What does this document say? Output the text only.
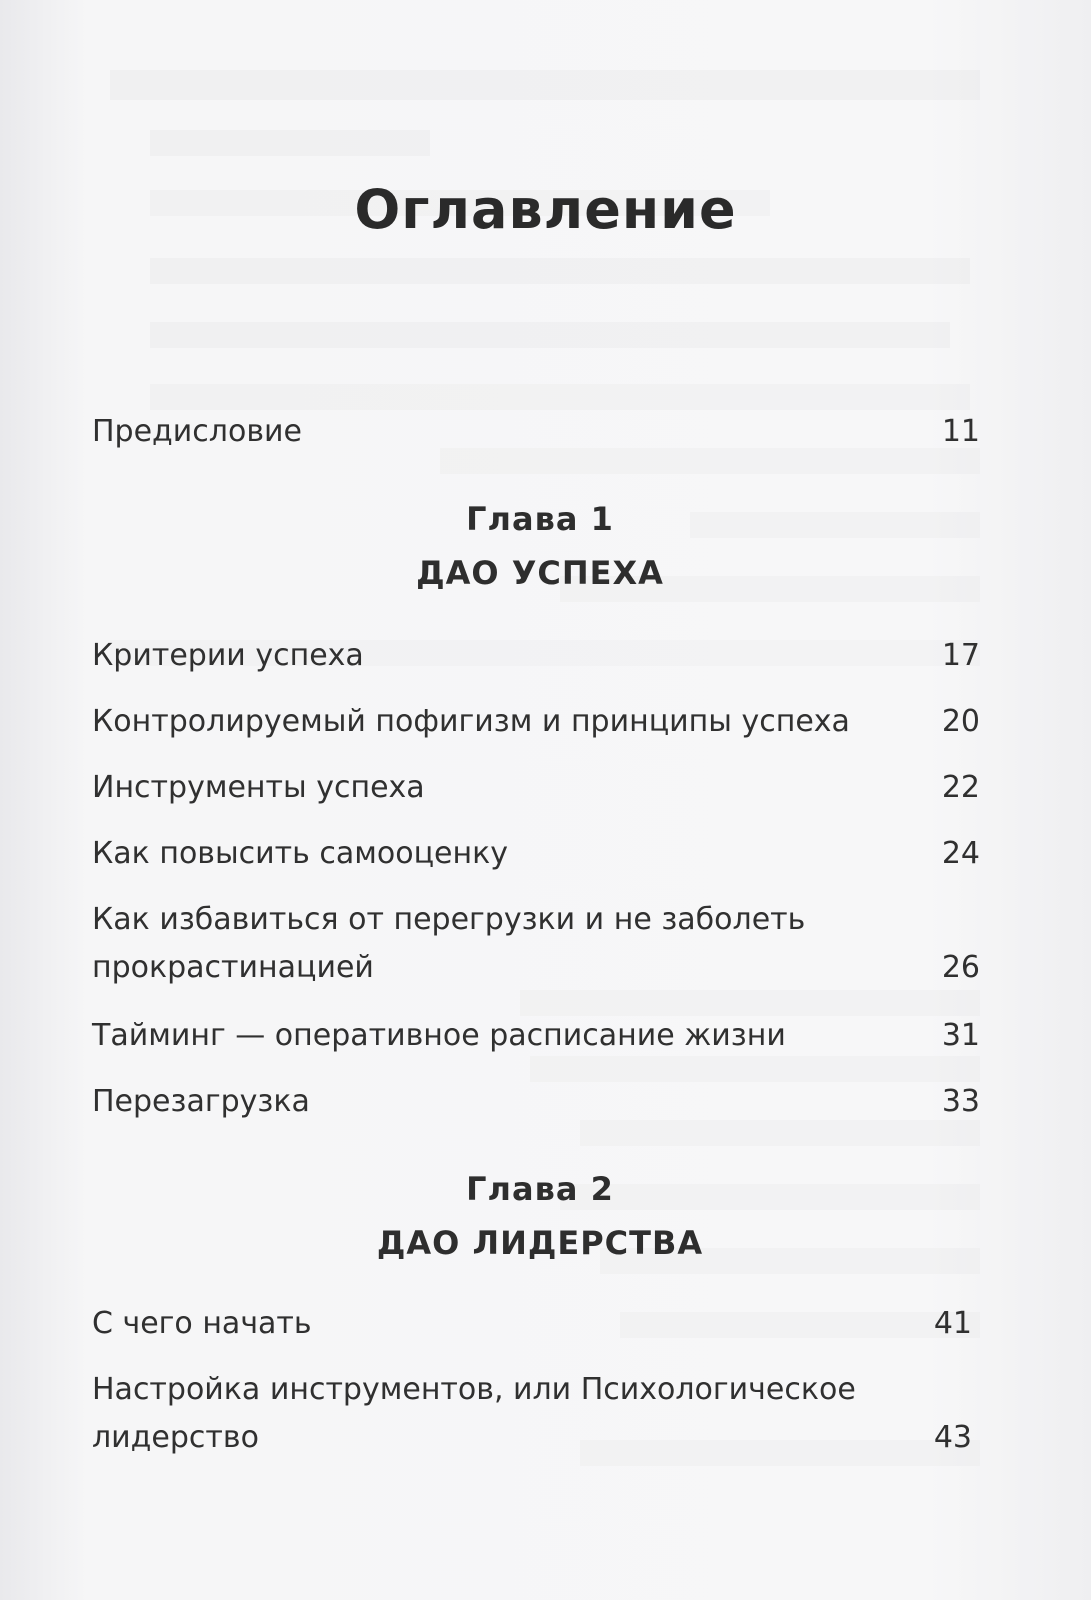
Оглавление
Предисловие	11
Глава 1
ДАО УСПЕХА
Критерии успеха	17
Контролируемый пофигизм и принципы успеха	20
Инструменты успеха	22
Как повысить самооценку	24
Как избавиться от перегрузки и не заболеть прокрастинацией	26
Тайминг — оперативное расписание жизни	31
Перезагрузка	33
Глава 2
ДАО ЛИДЕРСТВА
С чего начать	41
Настройка инструментов, или Психологическое лидерство	43
